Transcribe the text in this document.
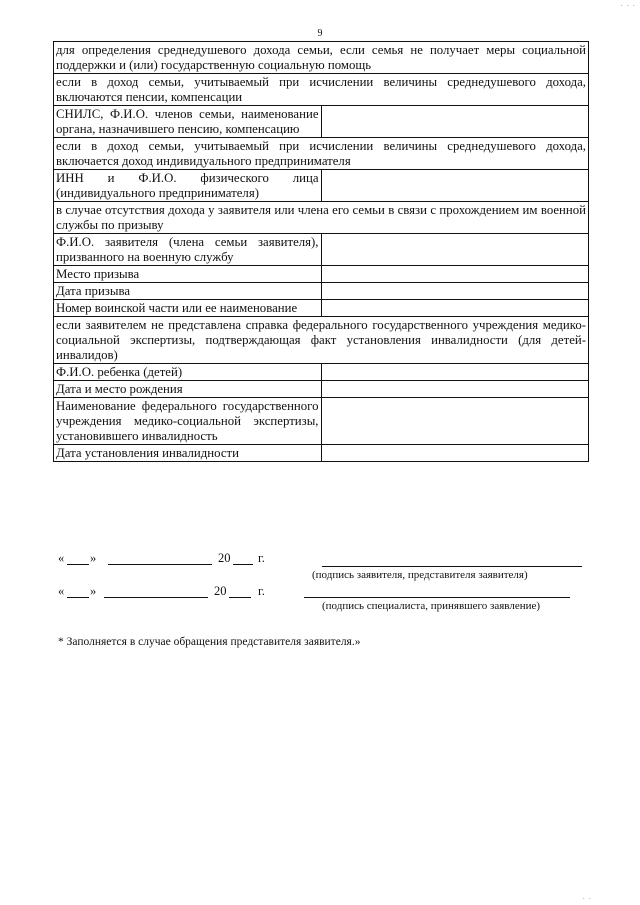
9
· · ·
· ·
для определения среднедушевого дохода семьи, если семья не получает меры социальной поддержки и (или) государственную социальную помощь	
если в доход семьи, учитываемый при исчислении величины среднедушевого дохода, включаются пенсии, компенсации	
СНИЛС, Ф.И.О. членов семьи, наименование органа, назначившего пенсию, компенсацию	
если в доход семьи, учитываемый при исчислении величины среднедушевого дохода, включается доход индивидуального предпринимателя	
ИНН и Ф.И.О. физического лица (индивидуального предпринимателя)	
в случае отсутствия дохода у заявителя или члена его семьи в связи с прохождением им военной службы по призыву	
Ф.И.О. заявителя (члена семьи заявителя), призванного на военную службу	
Место призыва	
Дата призыва	
Номер воинской части или ее наименование	
если заявителем не представлена справка федерального государственного учреждения медико-социальной экспертизы, подтверждающая факт установления инвалидности (для детей-инвалидов)	
Ф.И.О. ребенка (детей)	
Дата и место рождения	
Наименование федерального государственного учреждения медико-социальной экспертизы, установившего инвалидность	
Дата установления инвалидности	
« »	20 г.
(подпись заявителя, представителя заявителя)
« »	20	г.
(подпись специалиста, принявшего заявление)
* Заполняется в случае обращения представителя заявителя.»
